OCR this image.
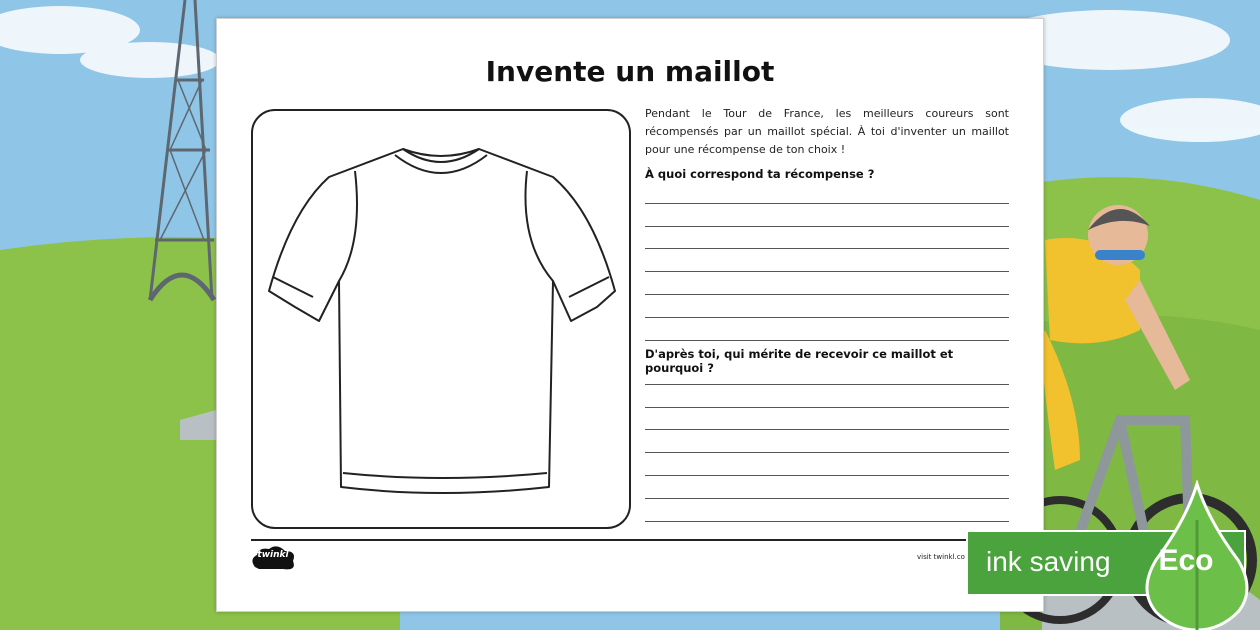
Invente un maillot
Pendant le Tour de France, les meilleurs coureurs sont récompensés par un maillot spécial. À toi d'inventer un maillot pour une récompense de ton choix !
À quoi correspond ta récompense ?
D'après toi, qui mérite de recevoir ce maillot et pourquoi ?
twinkl	visit twinkl.co ink saving	Eco
